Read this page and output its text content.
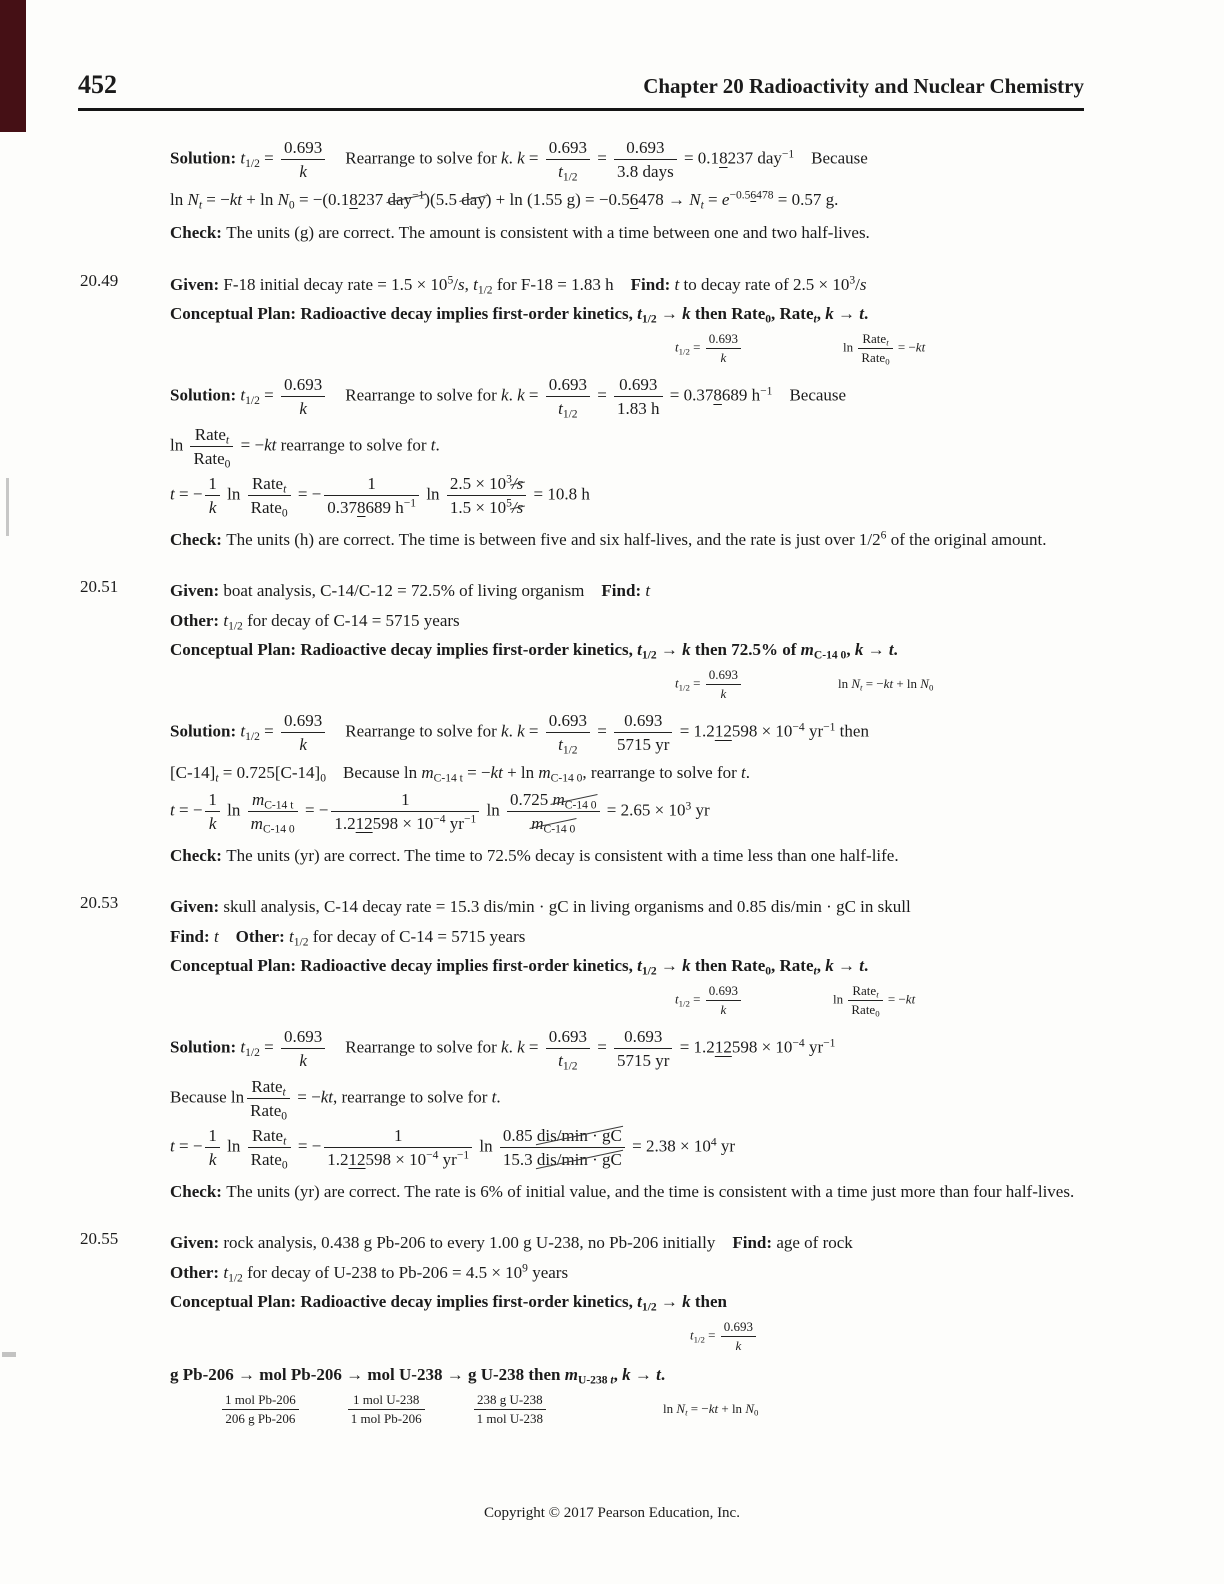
452	Chapter 20 Radioactivity and Nuclear Chemistry
Solution: $t_{1/2} = \frac{0.693}{k}$ Rearrange to solve for k. $k = \frac{0.693}{t_{1/2}} = \frac{0.693}{\text{3.8 days}} = 0.18237$ day$^{-1}$    Because
$\ln N_t = -kt + \ln N_0 = -(0.18237$ day$^{-1}$)(5.5 day) + ln (1.55 $g) = -0.56478 \to N_t = e^{-0.56478} = 0.57$ g.
Check: The units (g) are correct. The amount is consistent with a time between one and two half-lives.
20.49	Given: F-18 initial decay rate = $1.5 \times 10^5/s$, $t_{1/2}$ for F-18 = 1.83 h    Find: t to decay rate of $2.5 \times 10^3/s$
Conceptual Plan: Radioactive decay implies first-order kinetics, $t_{1/2} \to k$ then Rate$_0$, Rate$_t$, k → t.
$t_{1/2} = \frac{0.693}{k}$	$\ln \frac{Rate_t}{Rate_0} = -kt$
Solution: $t_{1/2} = \frac{0.693}{k}$ Rearrange to solve for k. $k = \frac{0.693}{t_{1/2}} = \frac{0.693}{1.83 h} = 0.378689$ $h^{-1}$    Because
$\ln \frac{Rate_t}{Rate_0} = -kt$ rearrange to solve for t.
t = − $\frac{1}{k}$ $\ln \frac{Rate_t}{Rate_0}$ = − $\frac{1}{0.378689 h^{-1}}$ $\ln \frac{2.5 \times 10^3/s}{1.5 \times 10^5/s} = 10.8$ h
Check: The units (h) are correct. The time is between five and six half-lives, and the rate is just over $1/2^6$ of the original amount.
20.51	Given: boat analysis, C-14/C-12 = 72.5% of living organism    Find: t
Other: $t_{1/2}$ for decay of C-14 = 5715 years
Conceptual Plan: Radioactive decay implies first-order kinetics, $t_{1/2} \to k$ then 72.5% of $m_{C-14 0}$, k → t.
$t_{1/2} = \frac{0.693}{k}$	$\ln N_t = -kt + \ln N_0$
Solution: $t_{1/2} = \frac{0.693}{k}$ Rearrange to solve for k. $k = \frac{0.693}{t_{1/2}} = \frac{0.693}{5715 yr} = 1.212598 \times 10^{-4}$ $yr^{-1}$ then
$[C-14]_t = 0.725[C-14]_0$    Because $\ln m_{C-14 t} = -kt + \ln m_{C-14 0}$, rearrange to solve for t.
t = − $\frac{1}{k}$ $\ln \frac{m_{C-14 t}}{m_{C-14 0}}$ = − $\frac{1}{1.212598 \times 10^{-4} yr^{-1}}$ $\ln \frac{0.725 m_{C-14 0}}{m_{C-14 0}} = 2.65 \times 10^3$ yr
Check: The units (yr) are correct. The time to 72.5% decay is consistent with a time less than one half-life.
20.53	Given: skull analysis, C-14 decay rate = 15.3 dis/min · gC in living organisms and 0.85 dis/min · gC in skull
Find: t Other: $t_{1/2}$ for decay of C-14 = 5715 years
Conceptual Plan: Radioactive decay implies first-order kinetics, $t_{1/2} \to k$ then Rate$_0$, Rate$_t$, k → t.
$t_{1/2} = \frac{0.693}{k}$	$\ln \frac{Rate_t}{Rate_0} = -kt$
Solution: $t_{1/2} = \frac{0.693}{k}$ Rearrange to solve for k. $k = \frac{0.693}{t_{1/2}} = \frac{0.693}{5715 yr} = 1.212598 \times 10^{-4}$ $yr^{-1}$
Because $\ln \frac{Rate_t}{Rate_0} = -kt$, rearrange to solve for t.
t = − $\frac{1}{k}$ $\ln \frac{Rate_t}{Rate_0}$ = − $\frac{1}{1.212598 \times 10^{-4} yr^{-1}}$ $\ln \frac{\text{0.85 dis/min · gC}}{\text{15.3 dis/min · gC}} = 2.38 \times 10^4$ yr
Check: The units (yr) are correct. The rate is 6% of initial value, and the time is consistent with a time just more than four half-lives.
20.55	Given: rock analysis, 0.438 g Pb-206 to every 1.00 g U-238, no Pb-206 initially    Find: age of rock
Other: $t_{1/2}$ for decay of U-238 to $Pb-206 = 4.5 \times 10^9$ years
Conceptual Plan: Radioactive decay implies first-order kinetics, $t_{1/2} \to k$ then
$t_{1/2} = \frac{0.693}{k}$
g Pb-206 → mol Pb-206 → mol U-238 → g U-238 then $m_{U-238 t}$, k → t.
$\frac{\text{1 mol Pb-206}}{\text{206 g Pb-206}}$	$\frac{\text{1 mol U-238}}{\text{1 mol Pb-206}}$	$\frac{\text{238 g U-238}}{\text{1 mol U-238}}$	$\ln N_t = -kt + \ln N_0$
Copyright © 2017 Pearson Education, Inc.
